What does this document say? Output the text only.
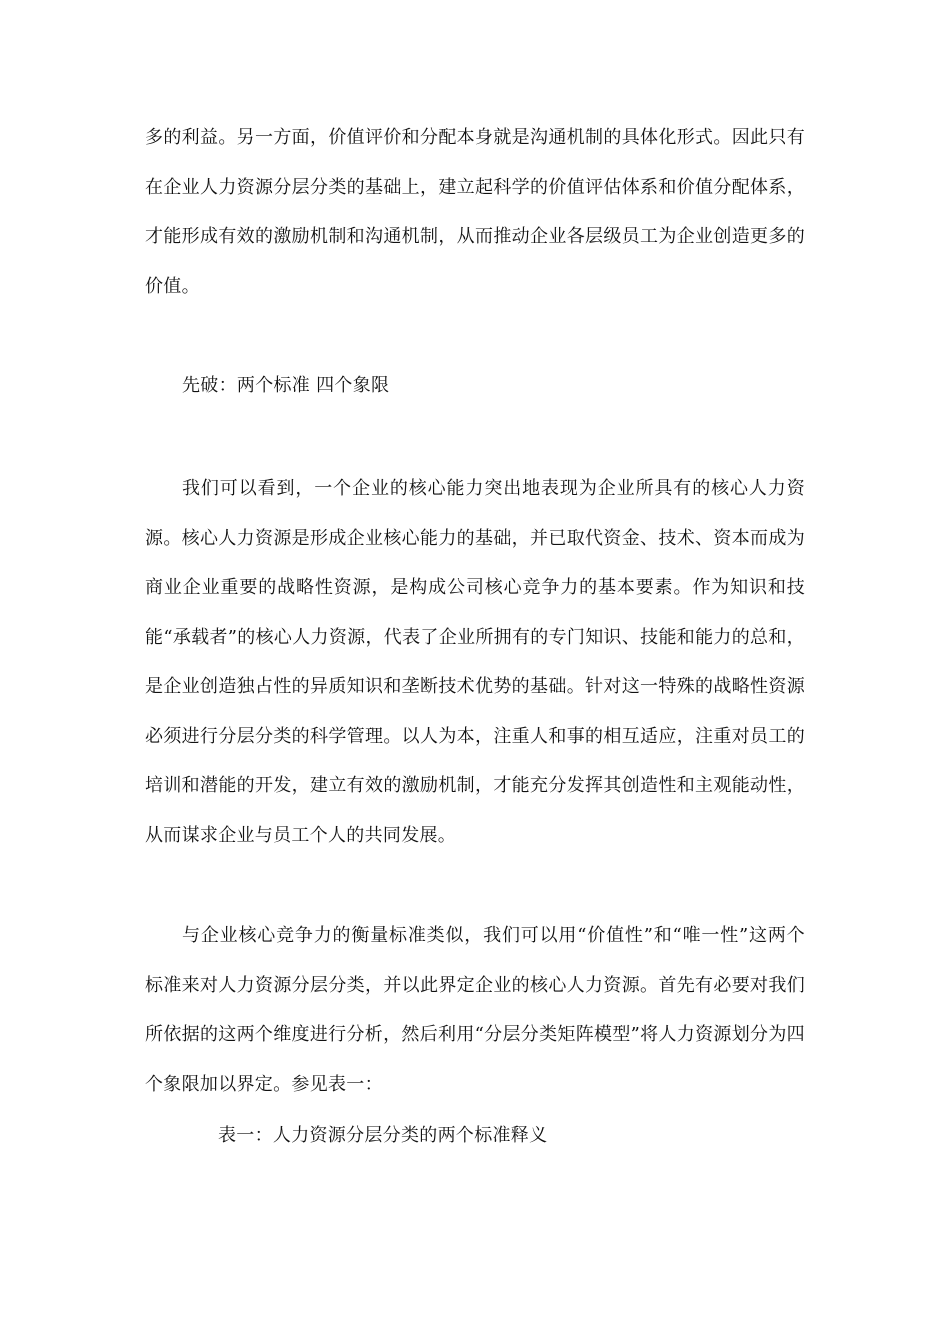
多的利益。另一方面，价值评价和分配本身就是沟通机制的具体化形式。因此只有在企业人力资源分层分类的基础上，建立起科学的价值评估体系和价值分配体系，才能形成有效的激励机制和沟通机制，从而推动企业各层级员工为企业创造更多的价值。

先破：两个标准 四个象限

我们可以看到，一个企业的核心能力突出地表现为企业所具有的核心人力资源。核心人力资源是形成企业核心能力的基础，并已取代资金、技术、资本而成为商业企业重要的战略性资源，是构成公司核心竞争力的基本要素。作为知识和技能“承载者”的核心人力资源，代表了企业所拥有的专门知识、技能和能力的总和，是企业创造独占性的异质知识和垄断技术优势的基础。针对这一特殊的战略性资源必须进行分层分类的科学管理。以人为本，注重人和事的相互适应，注重对员工的培训和潜能的开发，建立有效的激励机制，才能充分发挥其创造性和主观能动性，从而谋求企业与员工个人的共同发展。

与企业核心竞争力的衡量标准类似，我们可以用“价值性”和“唯一性”这两个标准来对人力资源分层分类，并以此界定企业的核心人力资源。首先有必要对我们所依据的这两个维度进行分析，然后利用“分层分类矩阵模型”将人力资源划分为四个象限加以界定。参见表一：

表一：人力资源分层分类的两个标准释义
